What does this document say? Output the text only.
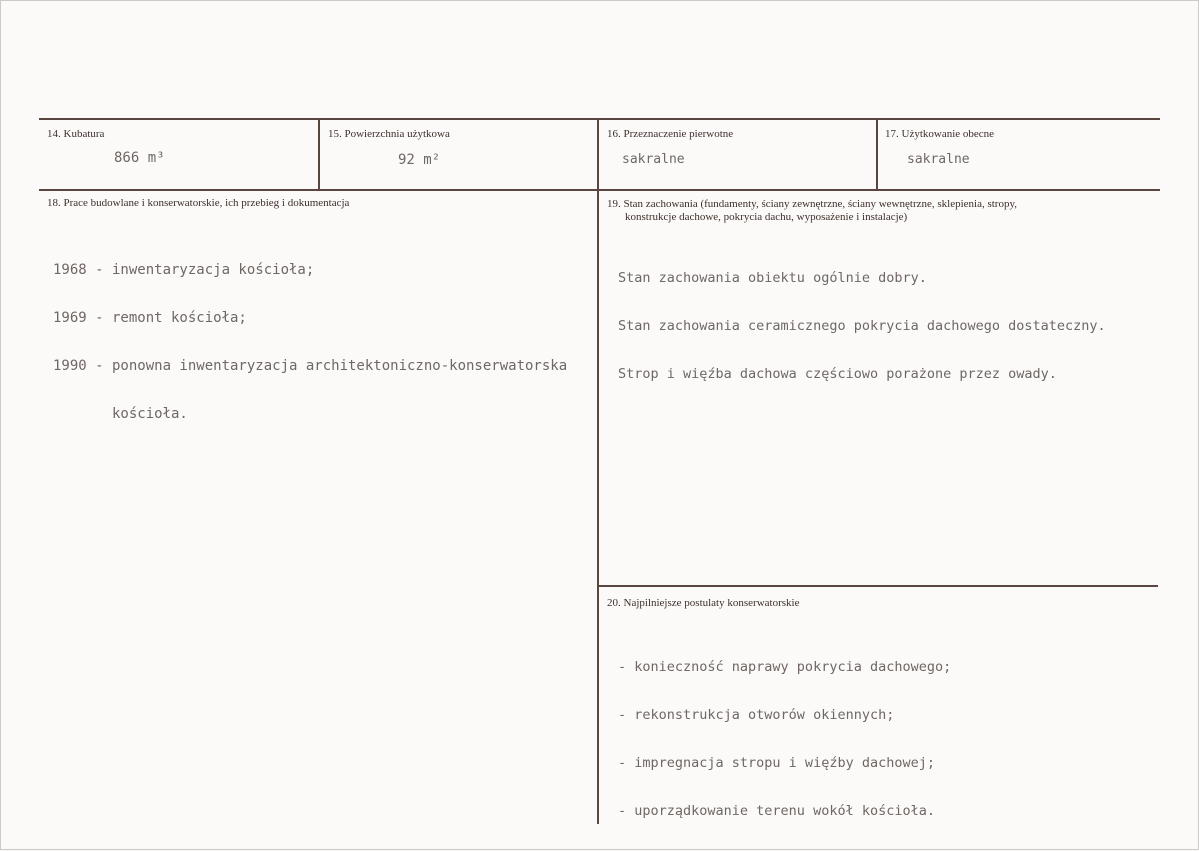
14. Kubatura
866 m³
15. Powierzchnia użytkowa
92 m²
16. Przeznaczenie pierwotne
sakralne
17. Użytkowanie obecne
sakralne
18. Prace budowlane i konserwatorskie, ich przebieg i dokumentacja

1968 - inwentaryzacja kościoła;

1969 - remont kościoła;

1990 - ponowna inwentaryzacja architektoniczno-konserwatorska

kościoła.

19. Stan zachowania (fundamenty, ściany zewnętrzne, ściany wewnętrzne, sklepienia, stropy,
konstrukcje dachowe, pokrycia dachu, wyposażenie i instalacje)

Stan zachowania obiektu ogólnie dobry.

Stan zachowania ceramicznego pokrycia dachowego dostateczny.

Strop i więźba dachowa częściowo porażone przez owady.

20. Najpilniejsze postulaty konserwatorskie

- konieczność naprawy pokrycia dachowego;

- rekonstrukcja otworów okiennych;

- impregnacja stropu i więźby dachowej;

- uporządkowanie terenu wokół kościoła.
